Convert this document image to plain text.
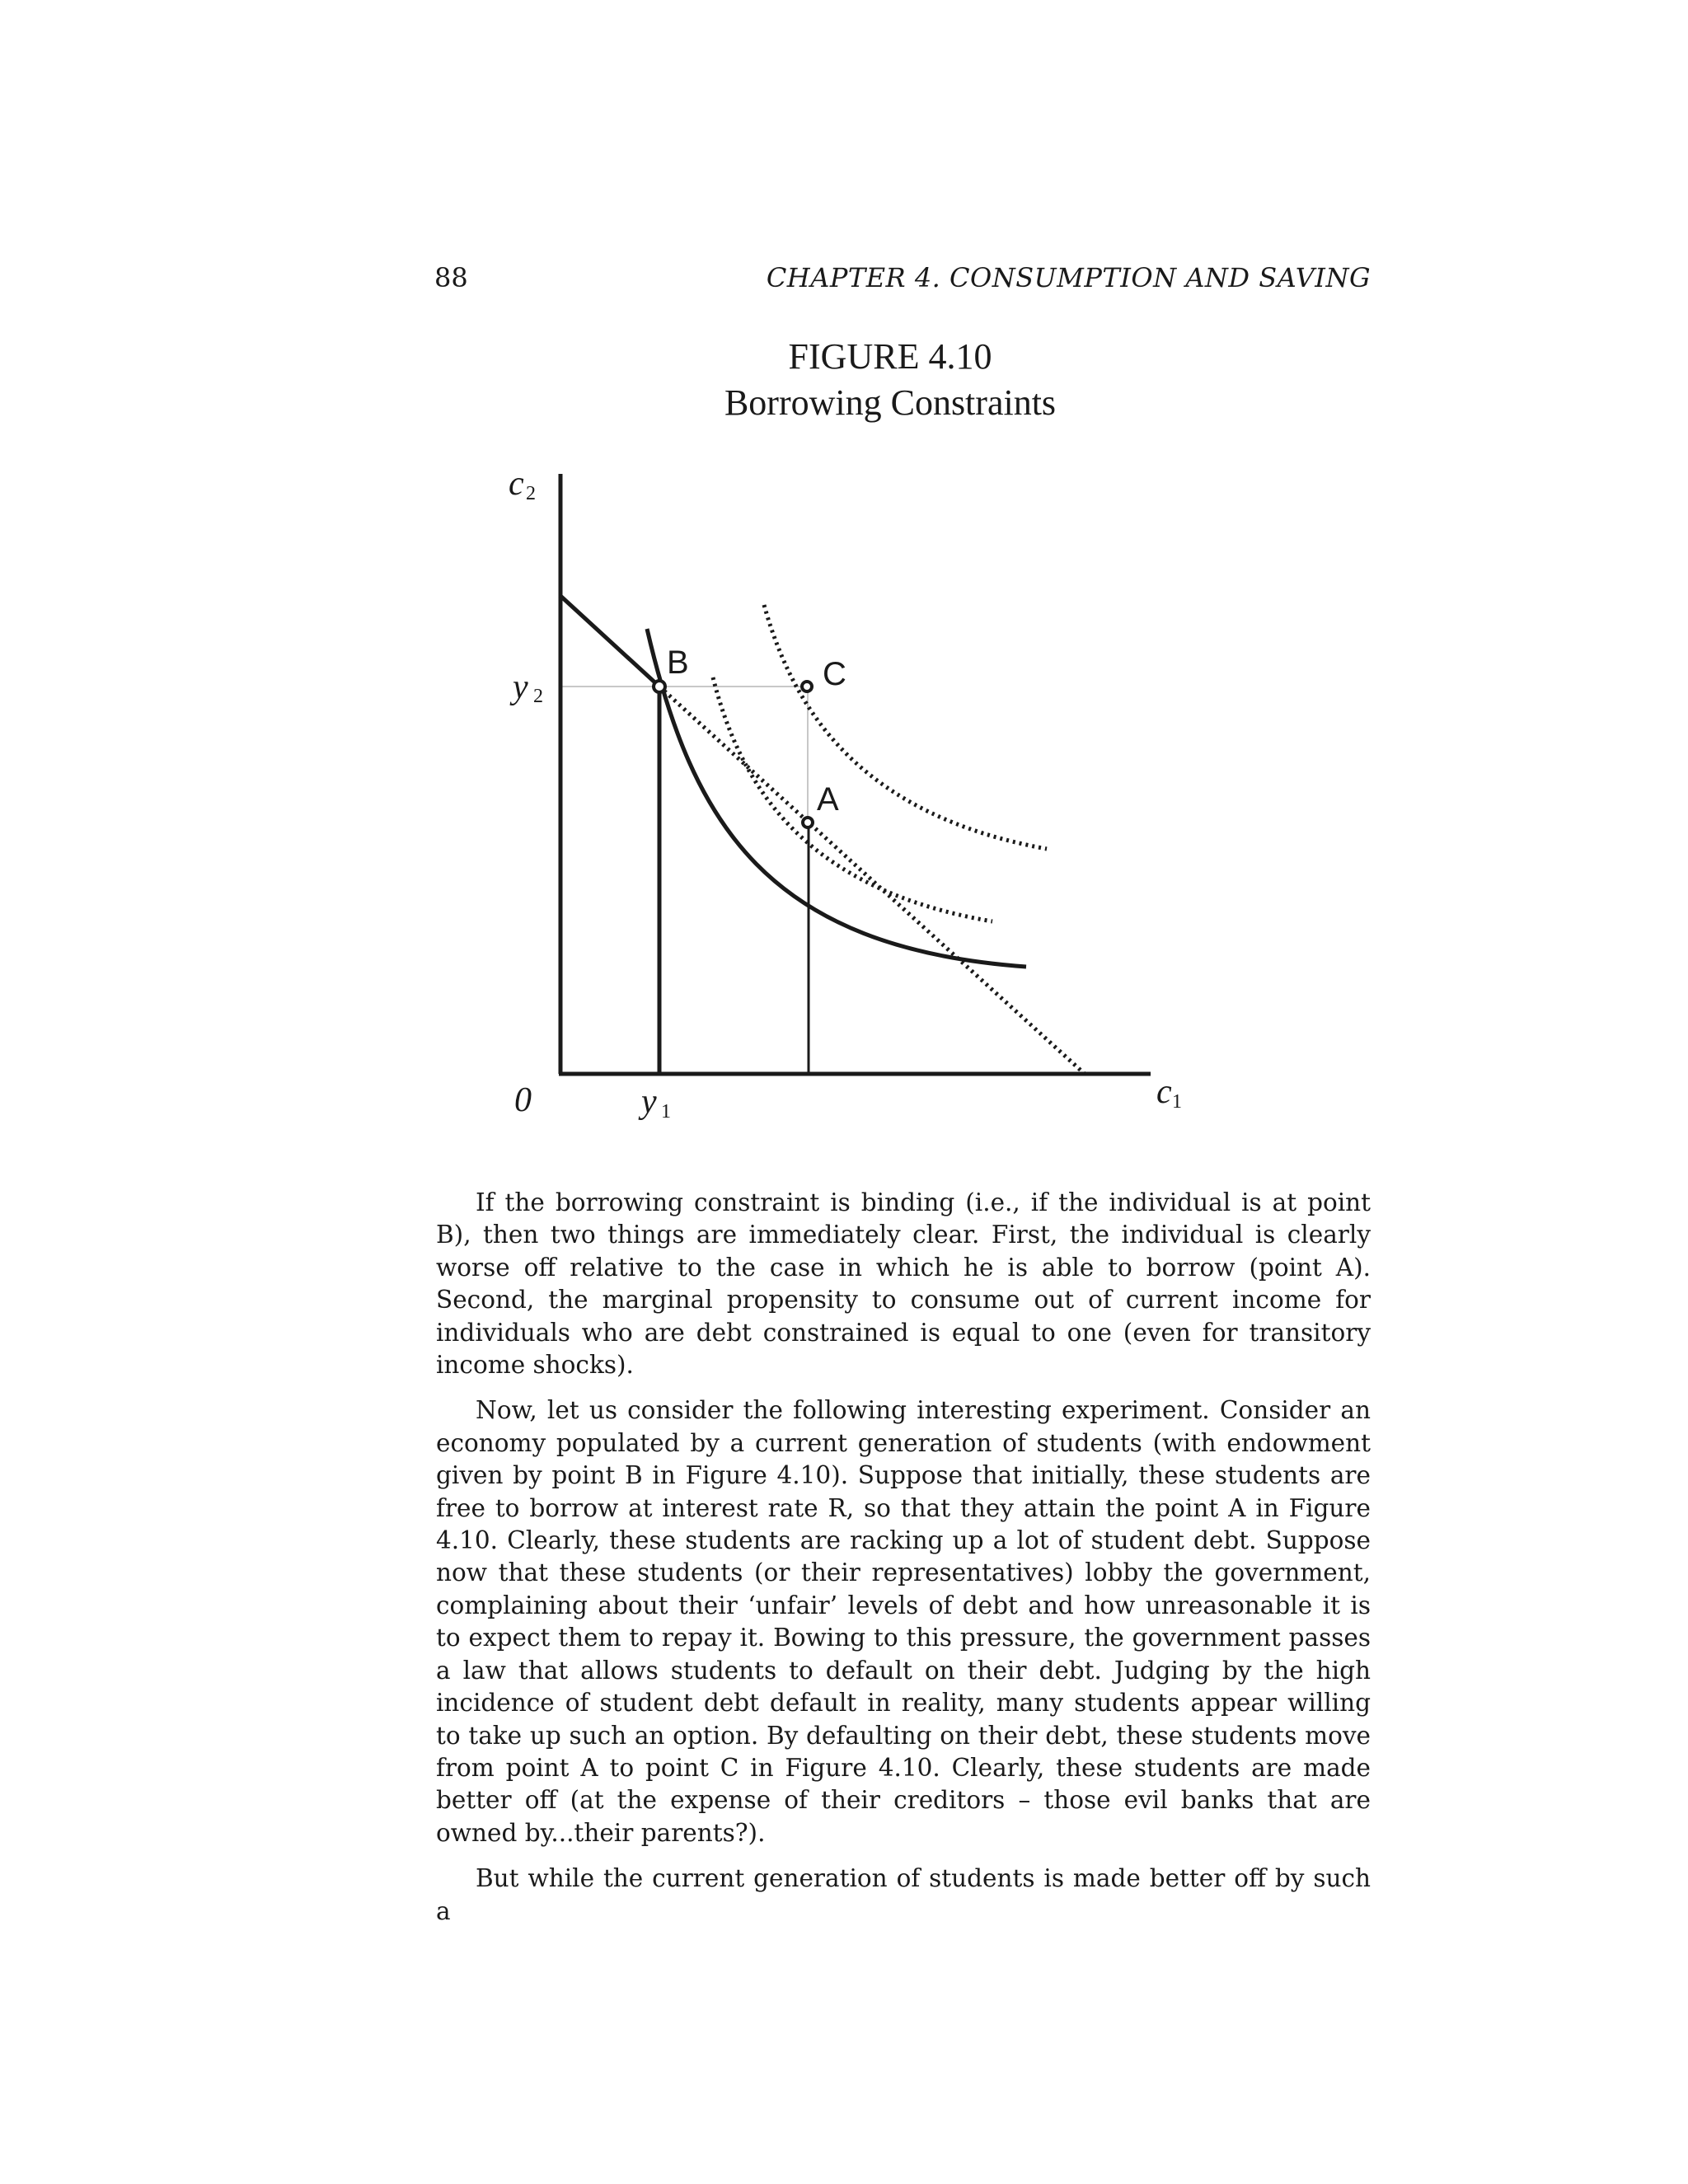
88	CHAPTER 4. CONSUMPTION AND SAVING
FIGURE 4.10
Borrowing Constraints
B	C
A
c 2
y 2
0	y 1
c 1

If the borrowing constraint is binding (i.e., if the individual is at point B), then two things are immediately clear. First, the individual is clearly worse off relative to the case in which he is able to borrow (point A). Second, the marginal propensity to consume out of current income for individuals who are debt constrained is equal to one (even for transitory income shocks).

Now, let us consider the following interesting experiment. Consider an economy populated by a current generation of students (with endowment given by point B in Figure 4.10). Suppose that initially, these students are free to borrow at interest rate R, so that they attain the point A in Figure 4.10. Clearly, these students are racking up a lot of student debt. Suppose now that these students (or their representatives) lobby the government, complaining about their ‘unfair’ levels of debt and how unreasonable it is to expect them to repay it. Bowing to this pressure, the government passes a law that allows students to default on their debt. Judging by the high incidence of student debt default in reality, many students appear willing to take up such an option. By defaulting on their debt, these students move from point A to point C in Figure 4.10. Clearly, these students are made better off (at the expense of their creditors – those evil banks that are owned by...their parents?).

But while the current generation of students is made better off by such a
